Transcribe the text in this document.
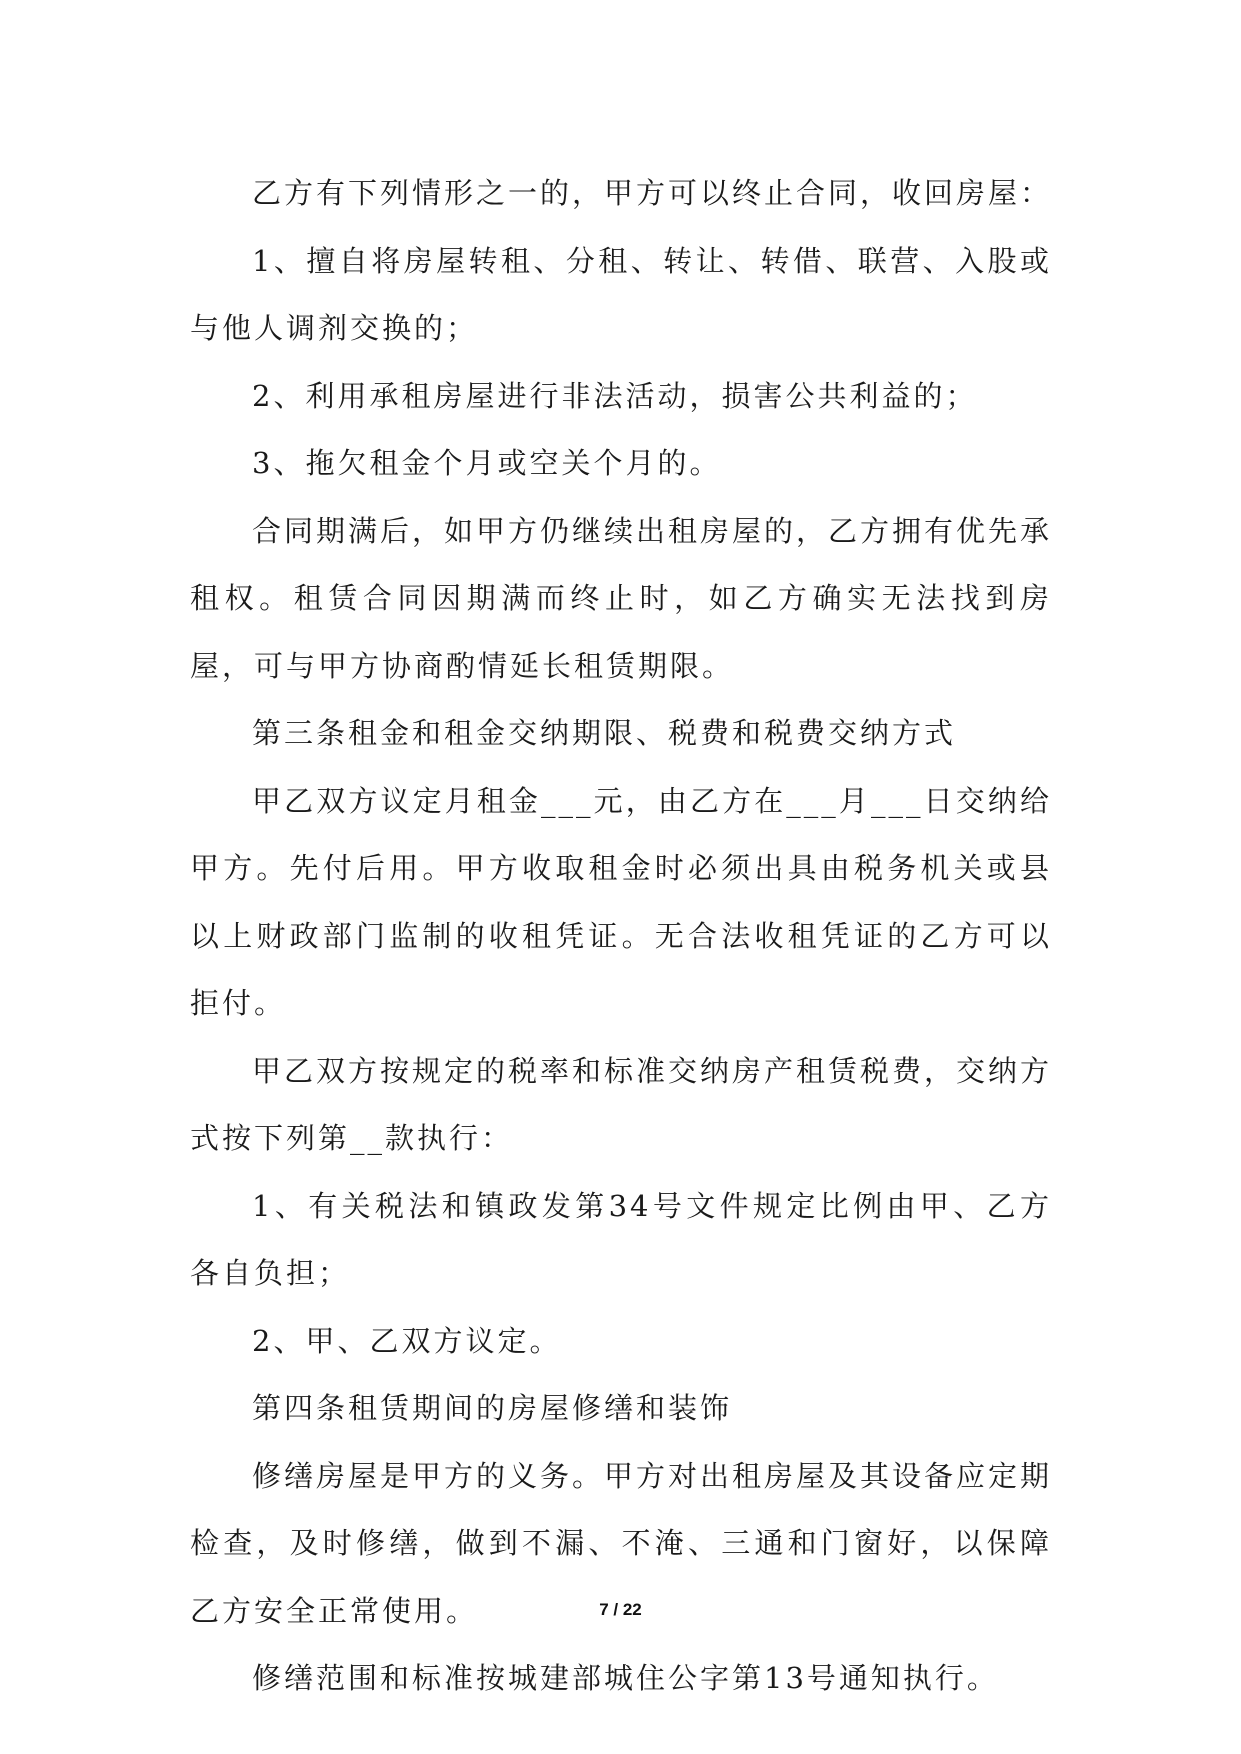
乙方有下列情形之一的，甲方可以终止合同，收回房屋：

1、擅自将房屋转租、分租、转让、转借、联营、入股或与他人调剂交换的；

2、利用承租房屋进行非法活动，损害公共利益的；

3、拖欠租金个月或空关个月的。

合同期满后，如甲方仍继续出租房屋的，乙方拥有优先承租权。租赁合同因期满而终止时，如乙方确实无法找到房屋，可与甲方协商酌情延长租赁期限。

第三条租金和租金交纳期限、税费和税费交纳方式

甲乙双方议定月租金___元，由乙方在___月___日交纳给甲方。先付后用。甲方收取租金时必须出具由税务机关或县以上财政部门监制的收租凭证。无合法收租凭证的乙方可以拒付。

甲乙双方按规定的税率和标准交纳房产租赁税费，交纳方式按下列第__款执行：

1、有关税法和镇政发第34号文件规定比例由甲、乙方各自负担；

2、甲、乙双方议定。

第四条租赁期间的房屋修缮和装饰

修缮房屋是甲方的义务。甲方对出租房屋及其设备应定期检查，及时修缮，做到不漏、不淹、三通和门窗好，以保障乙方安全正常使用。

修缮范围和标准按城建部城住公字第13号通知执行。

7 / 22
